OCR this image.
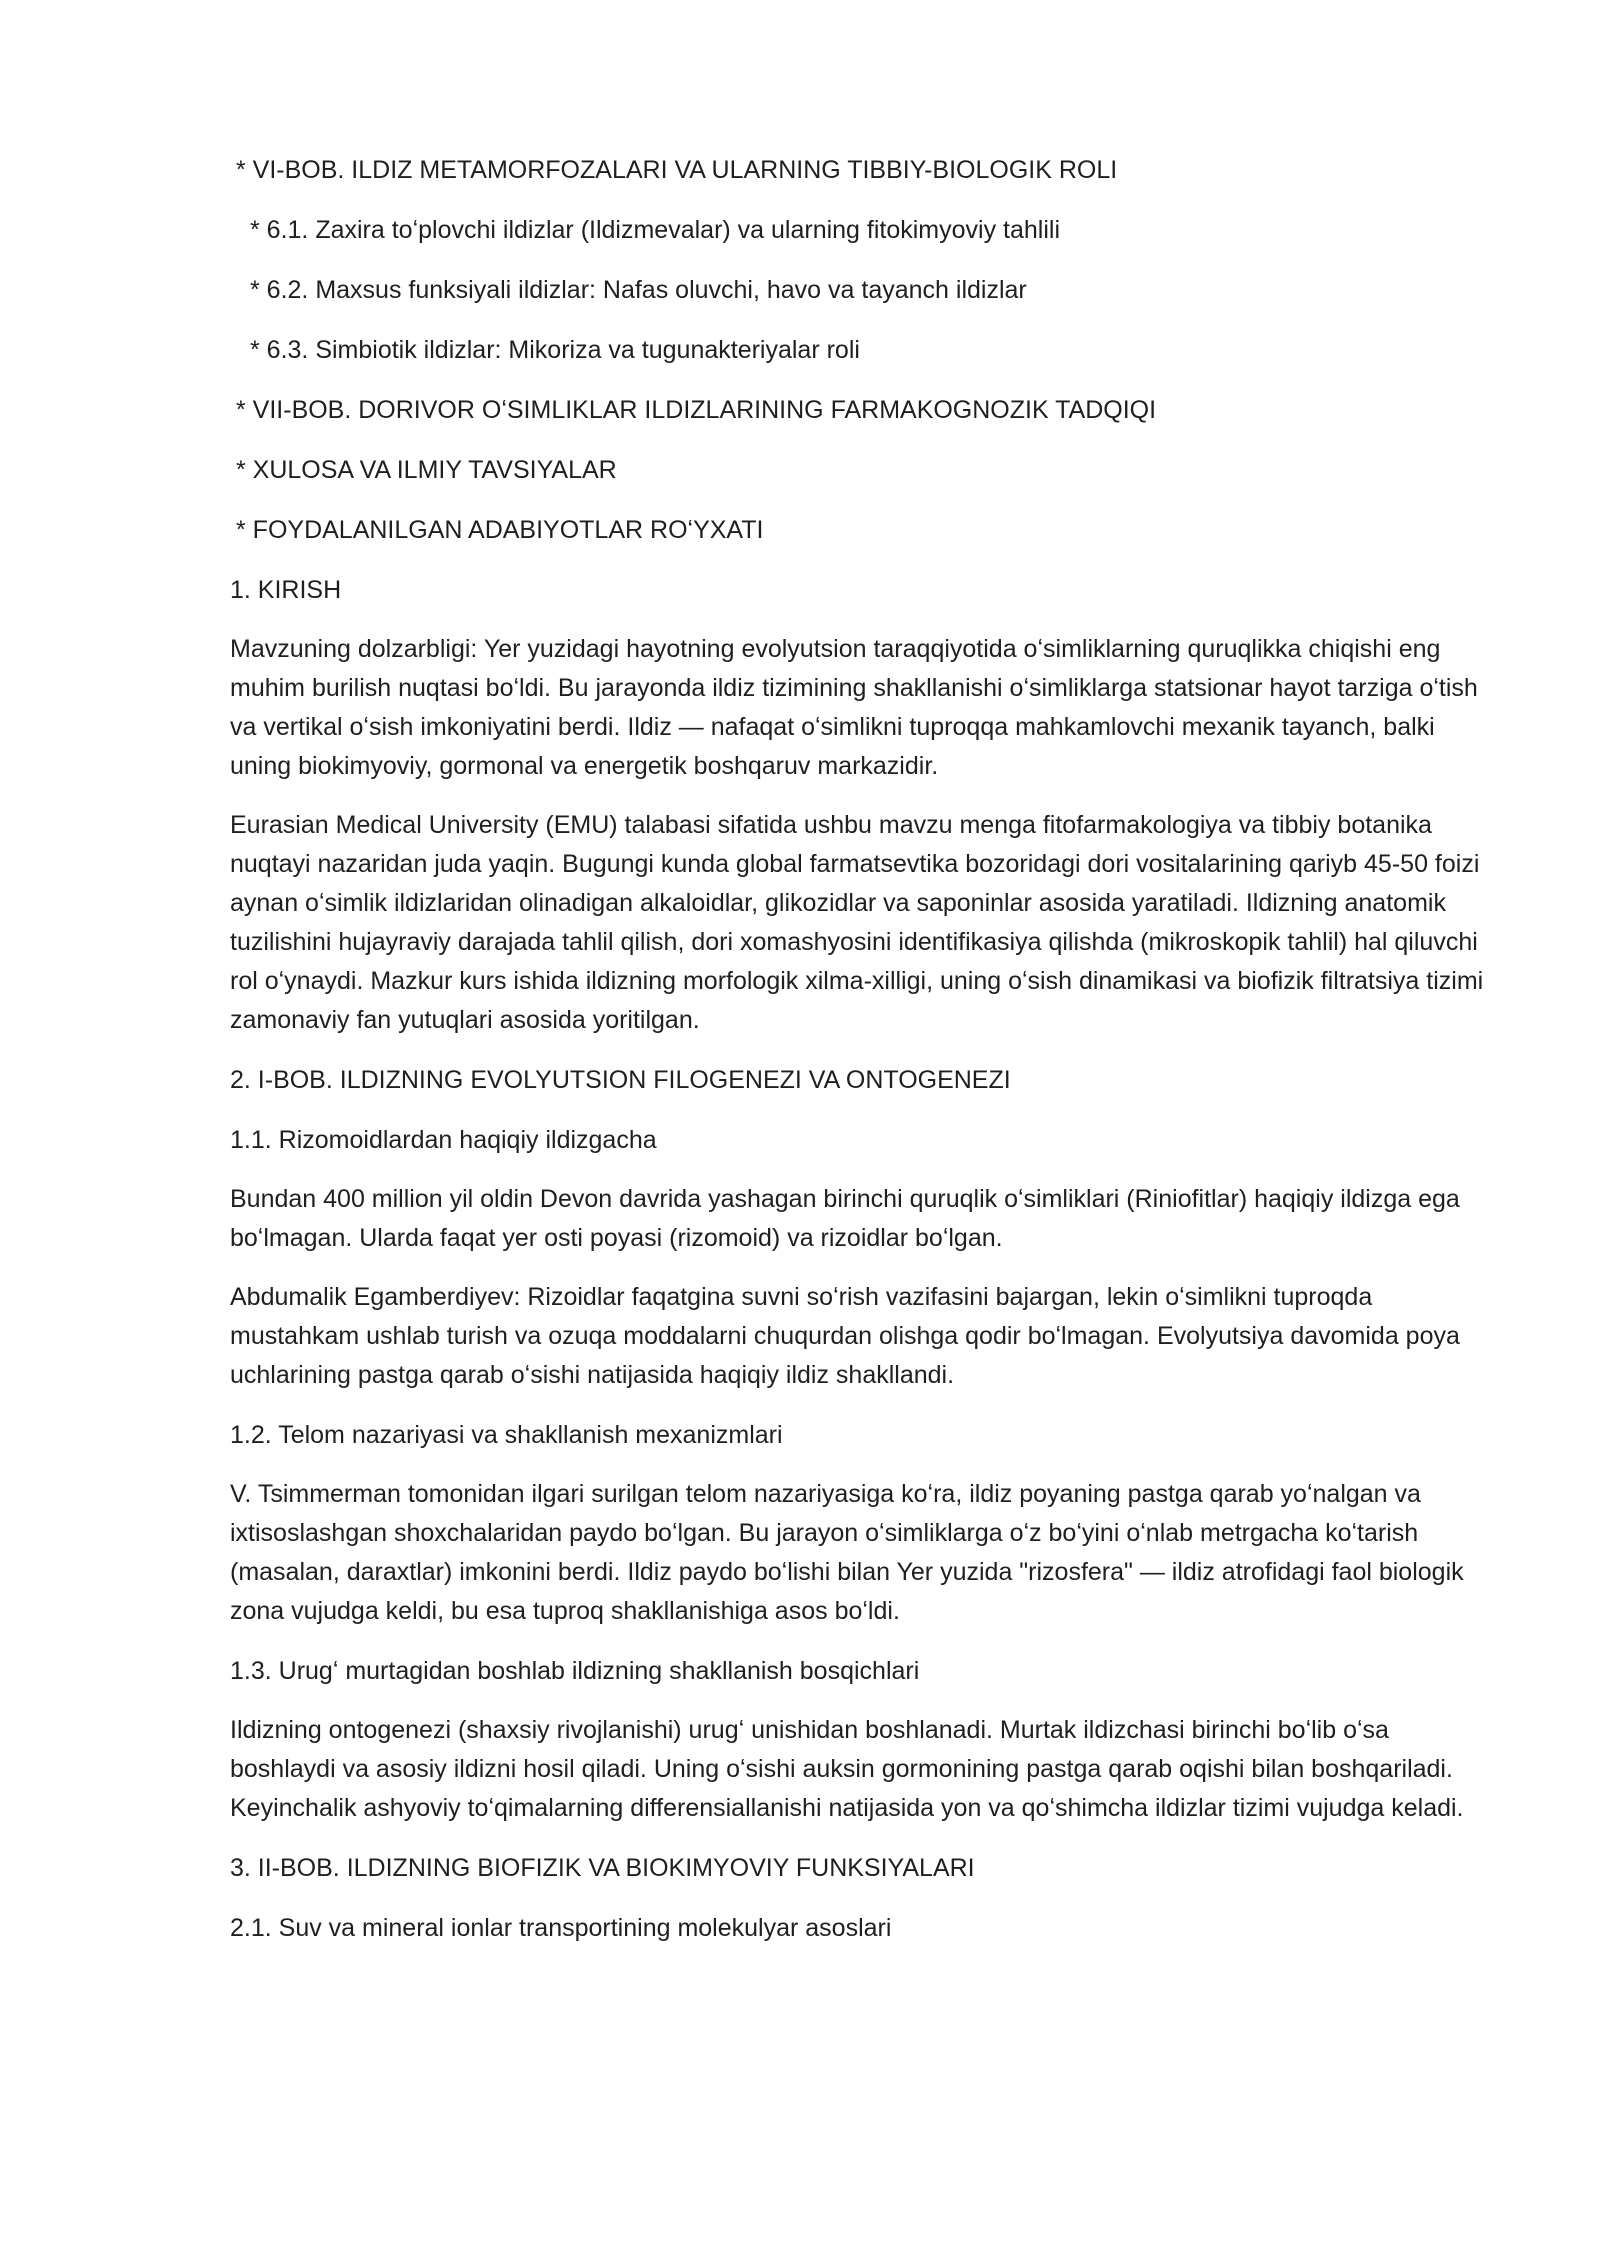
* VI-BOB. ILDIZ METAMORFOZALARI VA ULARNING TIBBIY-BIOLOGIK ROLI
* 6.1. Zaxira toʻplovchi ildizlar (Ildizmevalar) va ularning fitokimyoviy tahlili
* 6.2. Maxsus funksiyali ildizlar: Nafas oluvchi, havo va tayanch ildizlar
* 6.3. Simbiotik ildizlar: Mikoriza va tugunakteriyalar roli
* VII-BOB. DORIVOR OʻSIMLIKLAR ILDIZLARINING FARMAKOGNOZIK TADQIQI
* XULOSA VA ILMIY TAVSIYALAR
* FOYDALANILGAN ADABIYOTLAR ROʻYXATI
1. KIRISH

Mavzuning dolzarbligi: Yer yuzidagi hayotning evolyutsion taraqqiyotida oʻsimliklarning quruqlikka chiqishi eng muhim burilish nuqtasi boʻldi. Bu jarayonda ildiz tizimining shakllanishi oʻsimliklarga statsionar hayot tarziga oʻtish va vertikal oʻsish imkoniyatini berdi. Ildiz — nafaqat oʻsimlikni tuproqqa mahkamlovchi mexanik tayanch, balki uning biokimyoviy, gormonal va energetik boshqaruv markazidir.

Eurasian Medical University (EMU) talabasi sifatida ushbu mavzu menga fitofarmakologiya va tibbiy botanika nuqtayi nazaridan juda yaqin. Bugungi kunda global farmatsevtika bozoridagi dori vositalarining qariyb 45-50 foizi aynan oʻsimlik ildizlaridan olinadigan alkaloidlar, glikozidlar va saponinlar asosida yaratiladi. Ildizning anatomik tuzilishini hujayraviy darajada tahlil qilish, dori xomashyosini identifikasiya qilishda (mikroskopik tahlil) hal qiluvchi rol oʻynaydi. Mazkur kurs ishida ildizning morfologik xilma-xilligi, uning oʻsish dinamikasi va biofizik filtratsiya tizimi zamonaviy fan yutuqlari asosida yoritilgan.

2. I-BOB. ILDIZNING EVOLYUTSION FILOGENEZI VA ONTOGENEZI
1.1. Rizomoidlardan haqiqiy ildizgacha

Bundan 400 million yil oldin Devon davrida yashagan birinchi quruqlik oʻsimliklari (Riniofitlar) haqiqiy ildizga ega boʻlmagan. Ularda faqat yer osti poyasi (rizomoid) va rizoidlar boʻlgan.

Abdumalik Egamberdiyev: Rizoidlar faqatgina suvni soʻrish vazifasini bajargan, lekin oʻsimlikni tuproqda mustahkam ushlab turish va ozuqa moddalarni chuqurdan olishga qodir boʻlmagan. Evolyutsiya davomida poya uchlarining pastga qarab oʻsishi natijasida haqiqiy ildiz shakllandi.

1.2. Telom nazariyasi va shakllanish mexanizmlari

V. Tsimmerman tomonidan ilgari surilgan telom nazariyasiga koʻra, ildiz poyaning pastga qarab yoʻnalgan va ixtisoslashgan shoxchalaridan paydo boʻlgan. Bu jarayon oʻsimliklarga oʻz boʻyini oʻnlab metrgacha koʻtarish (masalan, daraxtlar) imkonini berdi. Ildiz paydo boʻlishi bilan Yer yuzida "rizosfera" — ildiz atrofidagi faol biologik zona vujudga keldi, bu esa tuproq shakllanishiga asos boʻldi.

1.3. Urugʻ murtagidan boshlab ildizning shakllanish bosqichlari

Ildizning ontogenezi (shaxsiy rivojlanishi) urugʻ unishidan boshlanadi. Murtak ildizchasi birinchi boʻlib oʻsa boshlaydi va asosiy ildizni hosil qiladi. Uning oʻsishi auksin gormonining pastga qarab oqishi bilan boshqariladi. Keyinchalik ashyoviy toʻqimalarning differensiallanishi natijasida yon va qoʻshimcha ildizlar tizimi vujudga keladi.

3. II-BOB. ILDIZNING BIOFIZIK VA BIOKIMYOVIY FUNKSIYALARI
2.1. Suv va mineral ionlar transportining molekulyar asoslari
